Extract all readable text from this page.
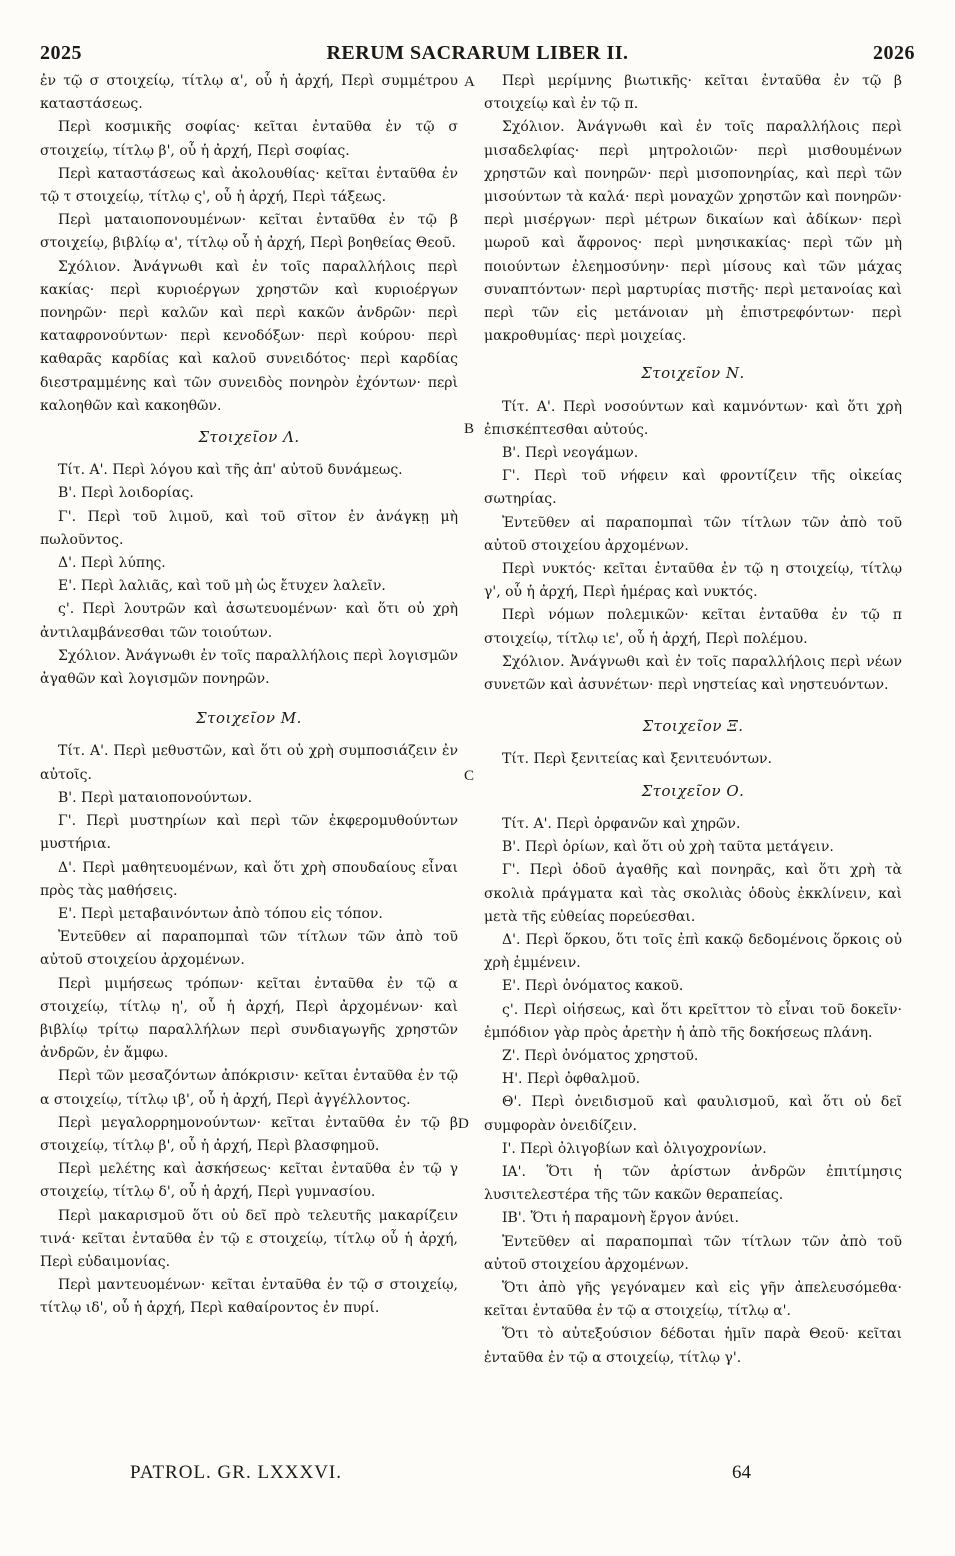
2025	RERUM SACRARUM LIBER II.	2026
A
B
C
D

ἐν τῷ σ στοιχείῳ, τίτλῳ α', οὗ ἡ ἀρχή, Περὶ συμμέτρου καταστάσεως.

Περὶ κοσμικῆς σοφίας· κεῖται ἐνταῦθα ἐν τῷ σ στοιχείῳ, τίτλῳ β', οὗ ἡ ἀρχή, Περὶ σοφίας.

Περὶ καταστάσεως καὶ ἀκολουθίας· κεῖται ἐνταῦθα ἐν τῷ τ στοιχείῳ, τίτλῳ ς', οὗ ἡ ἀρχή, Περὶ τάξεως.

Περὶ ματαιοπονουμένων· κεῖται ἐνταῦθα ἐν τῷ β στοιχείῳ, βιβλίῳ α', τίτλῳ οὗ ἡ ἀρχή, Περὶ βοηθείας Θεοῦ.

Σχόλιον. Ἀνάγνωθι καὶ ἐν τοῖς παραλλήλοις περὶ κακίας· περὶ κυριοέργων χρηστῶν καὶ κυριοέργων πονηρῶν· περὶ καλῶν καὶ περὶ κακῶν ἀνδρῶν· περὶ καταφρονούντων· περὶ κενοδόξων· περὶ κούρου· περὶ καθαρᾶς καρδίας καὶ καλοῦ συνειδότος· περὶ καρδίας διεστραμμένης καὶ τῶν συνειδὸς πονηρὸν ἐχόντων· περὶ καλοηθῶν καὶ κακοηθῶν.

Στοιχεῖον Λ.

Τίτ. Α'. Περὶ λόγου καὶ τῆς ἀπ' αὐτοῦ δυνάμεως.

Β'. Περὶ λοιδορίας.

Γ'. Περὶ τοῦ λιμοῦ, καὶ τοῦ σῖτον ἐν ἀνάγκῃ μὴ πωλοῦντος.

Δ'. Περὶ λύπης.

Ε'. Περὶ λαλιᾶς, καὶ τοῦ μὴ ὡς ἔτυχεν λαλεῖν.

ς'. Περὶ λουτρῶν καὶ ἀσωτευομένων· καὶ ὅτι οὐ χρὴ ἀντιλαμβάνεσθαι τῶν τοιούτων.

Σχόλιον. Ἀνάγνωθι ἐν τοῖς παραλλήλοις περὶ λογισμῶν ἀγαθῶν καὶ λογισμῶν πονηρῶν.

Στοιχεῖον Μ.

Τίτ. Α'. Περὶ μεθυστῶν, καὶ ὅτι οὐ χρὴ συμποσιάζειν ἐν αὐτοῖς.

Β'. Περὶ ματαιοπονούντων.

Γ'. Περὶ μυστηρίων καὶ περὶ τῶν ἐκφερομυθούντων μυστήρια.

Δ'. Περὶ μαθητευομένων, καὶ ὅτι χρὴ σπουδαίους εἶναι πρὸς τὰς μαθήσεις.

Ε'. Περὶ μεταβαινόντων ἀπὸ τόπου εἰς τόπον.

Ἐντεῦθεν αἱ παραπομπαὶ τῶν τίτλων τῶν ἀπὸ τοῦ αὐτοῦ στοιχείου ἀρχομένων.

Περὶ μιμήσεως τρόπων· κεῖται ἐνταῦθα ἐν τῷ α στοιχείῳ, τίτλῳ η', οὗ ἡ ἀρχή, Περὶ ἀρχομένων· καὶ βιβλίῳ τρίτῳ παραλλήλων περὶ συνδιαγωγῆς χρηστῶν ἀνδρῶν, ἐν ἄμφω.

Περὶ τῶν μεσαζόντων ἀπόκρισιν· κεῖται ἐνταῦθα ἐν τῷ α στοιχείῳ, τίτλῳ ιβ', οὗ ἡ ἀρχή, Περὶ ἀγγέλλοντος.

Περὶ μεγαλορρημονούντων· κεῖται ἐνταῦθα ἐν τῷ β στοιχείῳ, τίτλῳ β', οὗ ἡ ἀρχή, Περὶ βλασφημοῦ.

Περὶ μελέτης καὶ ἀσκήσεως· κεῖται ἐνταῦθα ἐν τῷ γ στοιχείῳ, τίτλῳ δ', οὗ ἡ ἀρχή, Περὶ γυμνασίου.

Περὶ μακαρισμοῦ ὅτι οὐ δεῖ πρὸ τελευτῆς μακαρίζειν τινά· κεῖται ἐνταῦθα ἐν τῷ ε στοιχείῳ, τίτλῳ οὗ ἡ ἀρχή, Περὶ εὐδαιμονίας.

Περὶ μαντευομένων· κεῖται ἐνταῦθα ἐν τῷ σ στοιχείῳ, τίτλῳ ιδ', οὗ ἡ ἀρχή, Περὶ καθαίροντος ἐν πυρί.

Περὶ μερίμνης βιωτικῆς· κεῖται ἐνταῦθα ἐν τῷ β στοιχείῳ καὶ ἐν τῷ π.

Σχόλιον. Ἀνάγνωθι καὶ ἐν τοῖς παραλλήλοις περὶ μισαδελφίας· περὶ μητρολοιῶν· περὶ μισθουμένων χρηστῶν καὶ πονηρῶν· περὶ μισοπονηρίας, καὶ περὶ τῶν μισούντων τὰ καλά· περὶ μοναχῶν χρηστῶν καὶ πονηρῶν· περὶ μισέργων· περὶ μέτρων δικαίων καὶ ἀδίκων· περὶ μωροῦ καὶ ἄφρονος· περὶ μνησικακίας· περὶ τῶν μὴ ποιούντων ἐλεημοσύνην· περὶ μίσους καὶ τῶν μάχας συναπτόντων· περὶ μαρτυρίας πιστῆς· περὶ μετανοίας καὶ περὶ τῶν εἰς μετάνοιαν μὴ ἐπιστρεφόντων· περὶ μακροθυμίας· περὶ μοιχείας.

Στοιχεῖον Ν.

Τίτ. Α'. Περὶ νοσούντων καὶ καμνόντων· καὶ ὅτι χρὴ ἐπισκέπτεσθαι αὐτούς.

Β'. Περὶ νεογάμων.

Γ'. Περὶ τοῦ νήφειν καὶ φροντίζειν τῆς οἰκείας σωτηρίας.

Ἐντεῦθεν αἱ παραπομπαὶ τῶν τίτλων τῶν ἀπὸ τοῦ αὐτοῦ στοιχείου ἀρχομένων.

Περὶ νυκτός· κεῖται ἐνταῦθα ἐν τῷ η στοιχείῳ, τίτλῳ γ', οὗ ἡ ἀρχή, Περὶ ἡμέρας καὶ νυκτός.

Περὶ νόμων πολεμικῶν· κεῖται ἐνταῦθα ἐν τῷ π στοιχείῳ, τίτλῳ ιε', οὗ ἡ ἀρχή, Περὶ πολέμου.

Σχόλιον. Ἀνάγνωθι καὶ ἐν τοῖς παραλλήλοις περὶ νέων συνετῶν καὶ ἀσυνέτων· περὶ νηστείας καὶ νηστευόντων.

Στοιχεῖον Ξ.

Τίτ. Περὶ ξενιτείας καὶ ξενιτευόντων.

Στοιχεῖον Ο.

Τίτ. Α'. Περὶ ὀρφανῶν καὶ χηρῶν.

Β'. Περὶ ὁρίων, καὶ ὅτι οὐ χρὴ ταῦτα μετάγειν.

Γ'. Περὶ ὁδοῦ ἀγαθῆς καὶ πονηρᾶς, καὶ ὅτι χρὴ τὰ σκολιὰ πράγματα καὶ τὰς σκολιὰς ὁδοὺς ἐκκλίνειν, καὶ μετὰ τῆς εὐθείας πορεύεσθαι.

Δ'. Περὶ ὅρκου, ὅτι τοῖς ἐπὶ κακῷ δεδομένοις ὅρκοις οὐ χρὴ ἐμμένειν.

Ε'. Περὶ ὀνόματος κακοῦ.

ς'. Περὶ οἰήσεως, καὶ ὅτι κρεῖττον τὸ εἶναι τοῦ δοκεῖν· ἐμπόδιον γὰρ πρὸς ἀρετὴν ἡ ἀπὸ τῆς δοκήσεως πλάνη.

Ζ'. Περὶ ὀνόματος χρηστοῦ.

Η'. Περὶ ὀφθαλμοῦ.

Θ'. Περὶ ὀνειδισμοῦ καὶ φαυλισμοῦ, καὶ ὅτι οὐ δεῖ συμφορὰν ὀνειδίζειν.

Ι'. Περὶ ὀλιγοβίων καὶ ὀλιγοχρονίων.

ΙΑ'. Ὅτι ἡ τῶν ἀρίστων ἀνδρῶν ἐπιτίμησις λυσιτελεστέρα τῆς τῶν κακῶν θεραπείας.

ΙΒ'. Ὅτι ἡ παραμονὴ ἔργον ἀνύει.

Ἐντεῦθεν αἱ παραπομπαὶ τῶν τίτλων τῶν ἀπὸ τοῦ αὐτοῦ στοιχείου ἀρχομένων.

Ὅτι ἀπὸ γῆς γεγόναμεν καὶ εἰς γῆν ἀπελευσόμεθα· κεῖται ἐνταῦθα ἐν τῷ α στοιχείῳ, τίτλῳ α'.

Ὅτι τὸ αὐτεξούσιον δέδοται ἡμῖν παρὰ Θεοῦ· κεῖται ἐνταῦθα ἐν τῷ α στοιχείῳ, τίτλῳ γ'.

PATROL. GR. LXXXVI.	64
